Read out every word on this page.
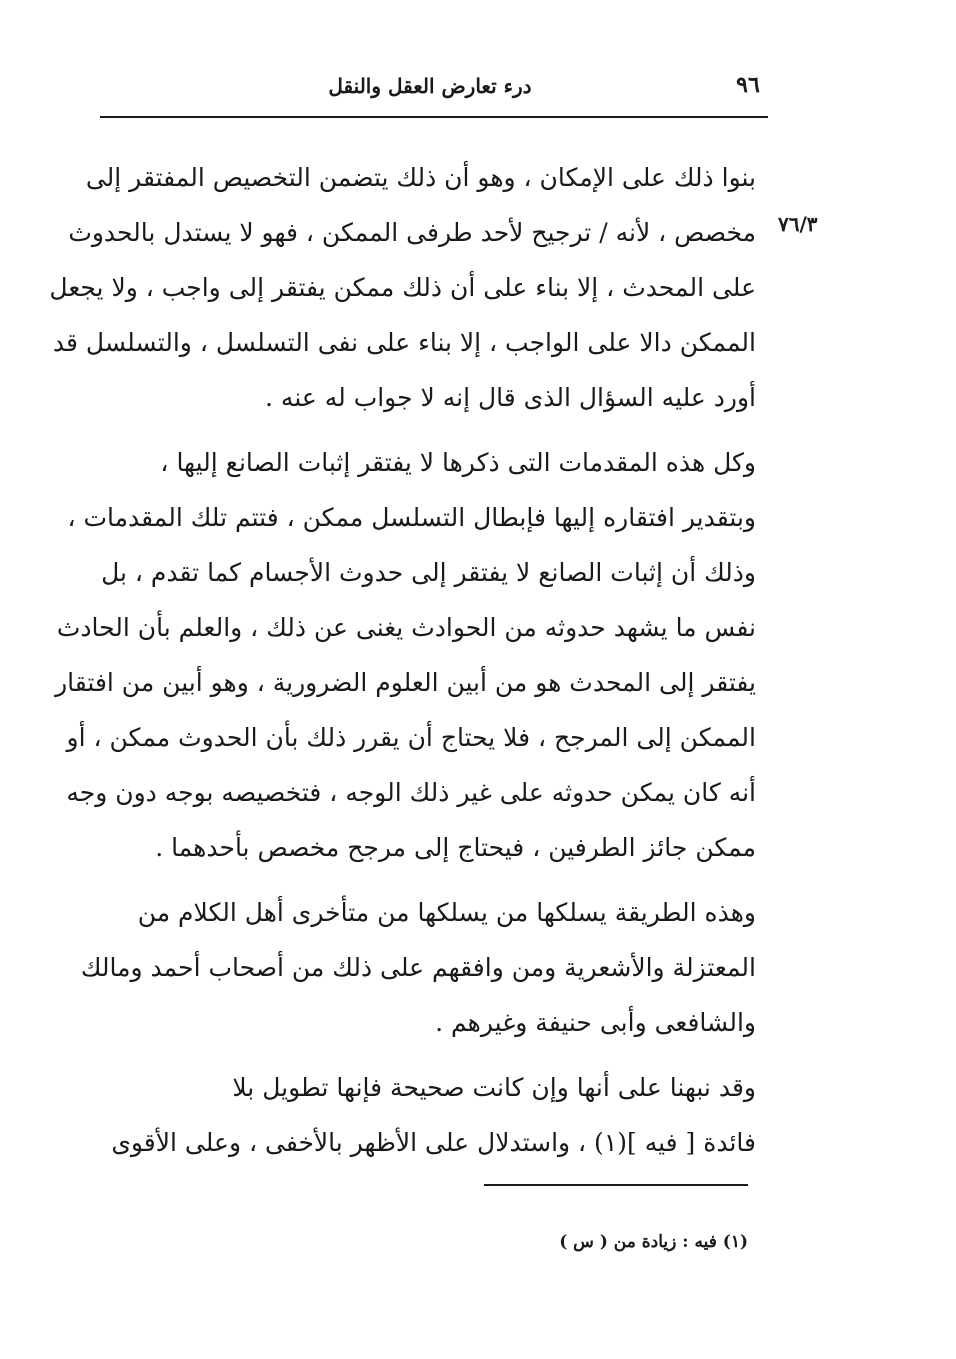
٩٦
درء تعارض العقل والنقل
٧٦/٣

بنوا ذلك على الإمكان ، وهو أن ذلك يتضمن التخصيص المفتقر إلى
مخصص ، لأنه / ترجيح لأحد طرفى الممكن ، فهو لا يستدل بالحدوث
على المحدث ، إلا بناء على أن ذلك ممكن يفتقر إلى واجب ، ولا يجعل
الممكن دالا على الواجب ، إلا بناء على نفى التسلسل ، والتسلسل قد
أورد عليه السؤال الذى قال إنه لا جواب له عنه .

وكل هذه المقدمات التى ذكرها لا يفتقر إثبات الصانع إليها ،
وبتقدير افتقاره إليها فإبطال التسلسل ممكن ، فتتم تلك المقدمات ،
وذلك أن إثبات الصانع لا يفتقر إلى حدوث الأجسام كما تقدم ، بل
نفس ما يشهد حدوثه من الحوادث يغنى عن ذلك ، والعلم بأن الحادث
يفتقر إلى المحدث هو من أبين العلوم الضرورية ، وهو أبين من افتقار
الممكن إلى المرجح ، فلا يحتاج أن يقرر ذلك بأن الحدوث ممكن ، أو
أنه كان يمكن حدوثه على غير ذلك الوجه ، فتخصيصه بوجه دون وجه
ممكن جائز الطرفين ، فيحتاج إلى مرجح مخصص بأحدهما .

وهذه الطريقة يسلكها من يسلكها من متأخرى أهل الكلام من
المعتزلة والأشعرية ومن وافقهم على ذلك من أصحاب أحمد ومالك
والشافعى وأبى حنيفة وغيرهم .

وقد نبهنا على أنها وإن كانت صحيحة فإنها تطويل بلا
فائدة [ فيه ](١) ، واستدلال على الأظهر بالأخفى ، وعلى الأقوى

(١) فيه : زيادة من ( س )
